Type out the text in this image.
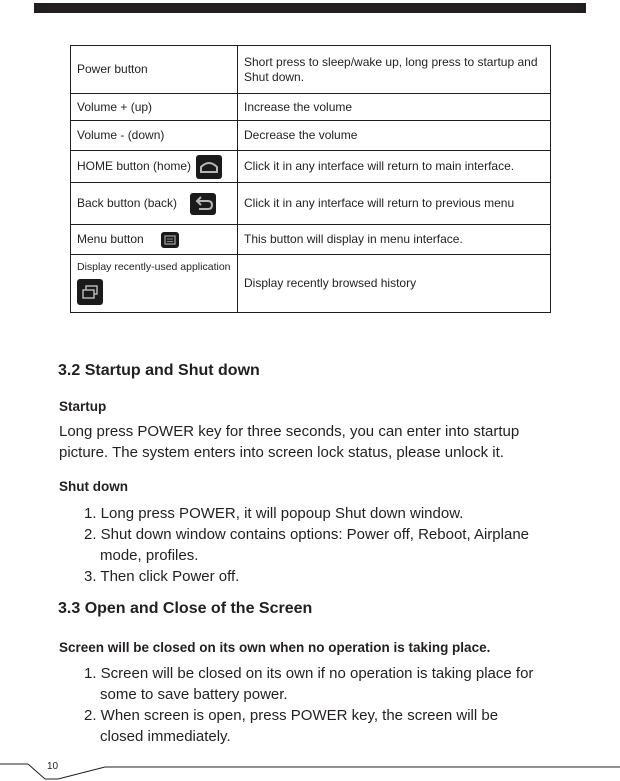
Power button	Short press to sleep/wake up, long press to startup and Shut down.
Volume + (up)	Increase the volume
Volume - (down)	Decrease the volume
HOME button (home)	Click it in any interface will return to main interface.
Back button (back)	Click it in any interface will return to previous menu
Menu button	This button will display in menu interface.

Display recently-used application	Display recently browsed history
3.2 Startup and Shut down
Startup

Long press POWER key for three seconds, you can enter into startup picture. The system enters into screen lock status, please unlock it.

Shut down
1. Long press POWER, it will popoup Shut down window.
2. Shut down window contains options: Power off, Reboot, Airplane mode, profiles.
3. Then click Power off.
3.3 Open and Close of the Screen
Screen will be closed on its own when no operation is taking place.
1. Screen will be closed on its own if no operation is taking place for some to save battery power.
2. When screen is open, press POWER key, the screen will be closed immediately.
10
